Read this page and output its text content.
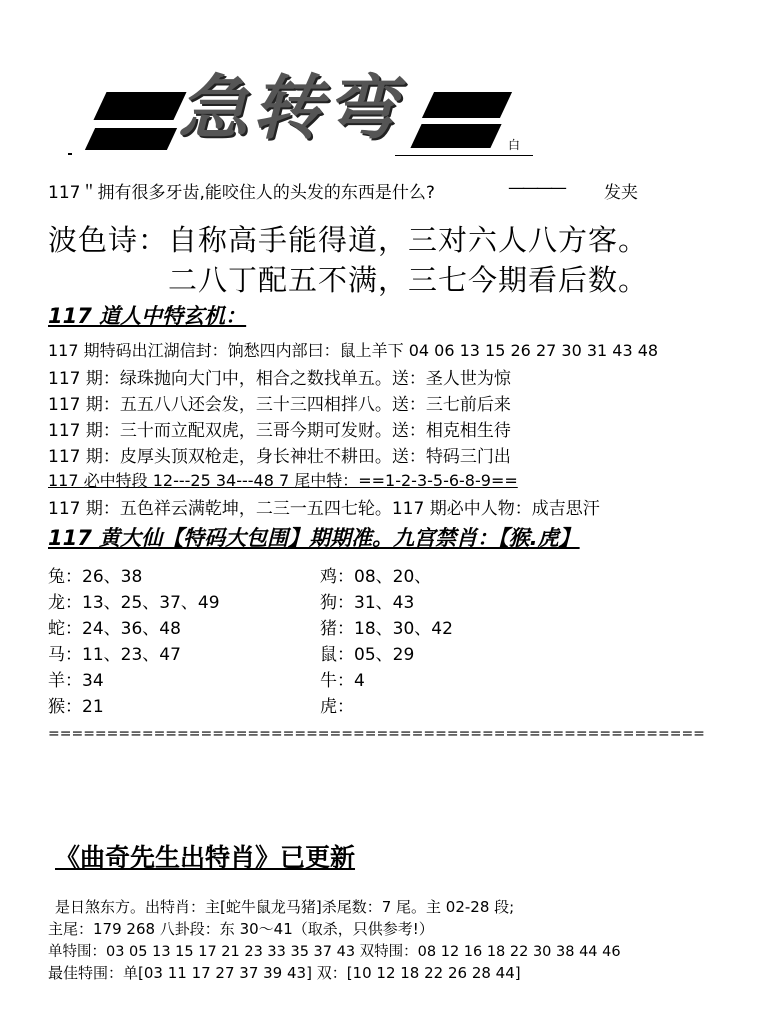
急转弯	白
117＂拥有很多牙齿,能咬住人的头发的东西是什么?	———— 发夹
波色诗：自称高手能得道，三对六人八方客。
二八丁配五不满，三七今期看后数。
117 道人中特玄机：
117 期特码出江湖信封：饷愁四内部曰：鼠上羊下 04 06 13 15 26 27 30 31 43 48
117 期：绿珠抛向大门中，相合之数找单五。送：圣人世为惊
117 期：五五八八还会发，三十三四相拌八。送：三七前后来
117 期：三十而立配双虎，三哥今期可发财。送：相克相生待
117 期：皮厚头顶双枪走，身长神壮不耕田。送：特码三门出
117 必中特段 12---25 34---48 7 尾中特：==1-2-3-5-6-8-9==
117 期：五色祥云满乾坤，二三一五四七轮。117 期必中人物：成吉思汗
117 黄大仙【特码大包围】期期准。九宫禁肖：【猴.虎】
兔：26、38
龙：13、25、37、49
蛇：24、36、48
马：11、23、47
羊：34
猴：21
鸡：08、20、
狗：31、43
猪：18、30、42
鼠：05、29
牛：4
虎：
========================================================
《曲奇先生出特肖》已更新
是日煞东方。出特肖：主[蛇牛鼠龙马猪]杀尾数：7 尾。主 02-28 段;
主尾：179 268 八卦段：东 30～41（取杀，只供参考!）
单特围：03 05 13 15 17 21 23 33 35 37 43 双特围：08 12 16 18 22 30 38 44 46
最佳特围：单[03 11 17 27 37 39 43] 双：[10 12 18 22 26 28 44]
